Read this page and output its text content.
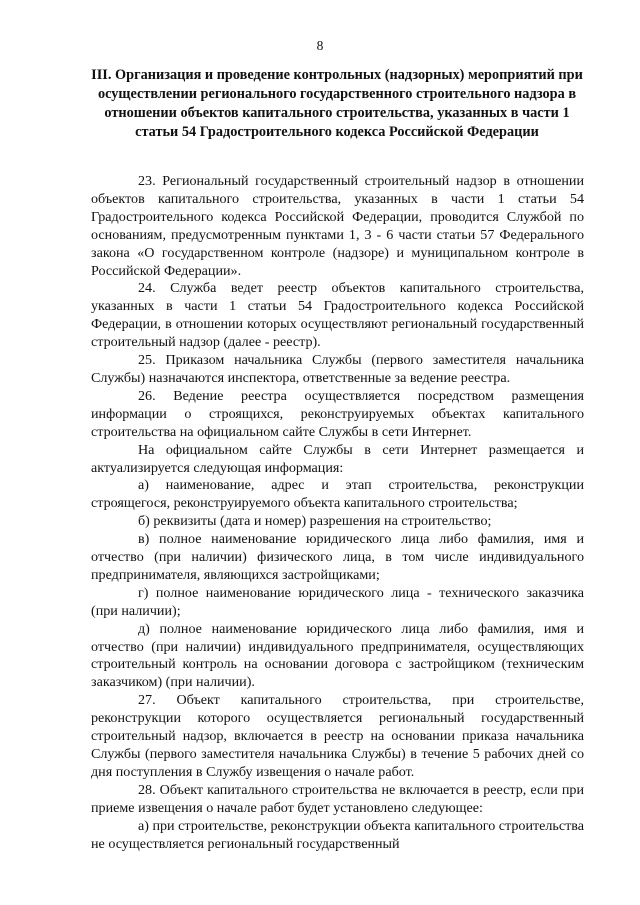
8
III. Организация и проведение контрольных (надзорных) мероприятий при осуществлении регионального государственного строительного надзора в отношении объектов капитального строительства, указанных в части 1 статьи 54 Градостроительного кодекса Российской Федерации

23. Региональный государственный строительный надзор в отношении объектов капитального строительства, указанных в части 1 статьи 54 Градостроительного кодекса Российской Федерации, проводится Службой по основаниям, предусмотренным пунктами 1, 3 - 6 части статьи 57 Федерального закона «О государственном контроле (надзоре) и муниципальном контроле в Российской Федерации».

24. Служба ведет реестр объектов капитального строительства, указанных в части 1 статьи 54 Градостроительного кодекса Российской Федерации, в отношении которых осуществляют региональный государственный строительный надзор (далее - реестр).

25. Приказом начальника Службы (первого заместителя начальника Службы) назначаются инспектора, ответственные за ведение реестра.

26. Ведение реестра осуществляется посредством размещения информации о строящихся, реконструируемых объектах капитального строительства на официальном сайте Службы в сети Интернет.

На официальном сайте Службы в сети Интернет размещается и актуализируется следующая информация:

а) наименование, адрес и этап строительства, реконструкции строящегося, реконструируемого объекта капитального строительства;

б) реквизиты (дата и номер) разрешения на строительство;

в) полное наименование юридического лица либо фамилия, имя и отчество (при наличии) физического лица, в том числе индивидуального предпринимателя, являющихся застройщиками;

г) полное наименование юридического лица - технического заказчика (при наличии);

д) полное наименование юридического лица либо фамилия, имя и отчество (при наличии) индивидуального предпринимателя, осуществляющих строительный контроль на основании договора с застройщиком (техническим заказчиком) (при наличии).

27. Объект капитального строительства, при строительстве, реконструкции которого осуществляется региональный государственный строительный надзор, включается в реестр на основании приказа начальника Службы (первого заместителя начальника Службы) в течение 5 рабочих дней со дня поступления в Службу извещения о начале работ.

28. Объект капитального строительства не включается в реестр, если при приеме извещения о начале работ будет установлено следующее:

а) при строительстве, реконструкции объекта капитального строительства не осуществляется региональный государственный
